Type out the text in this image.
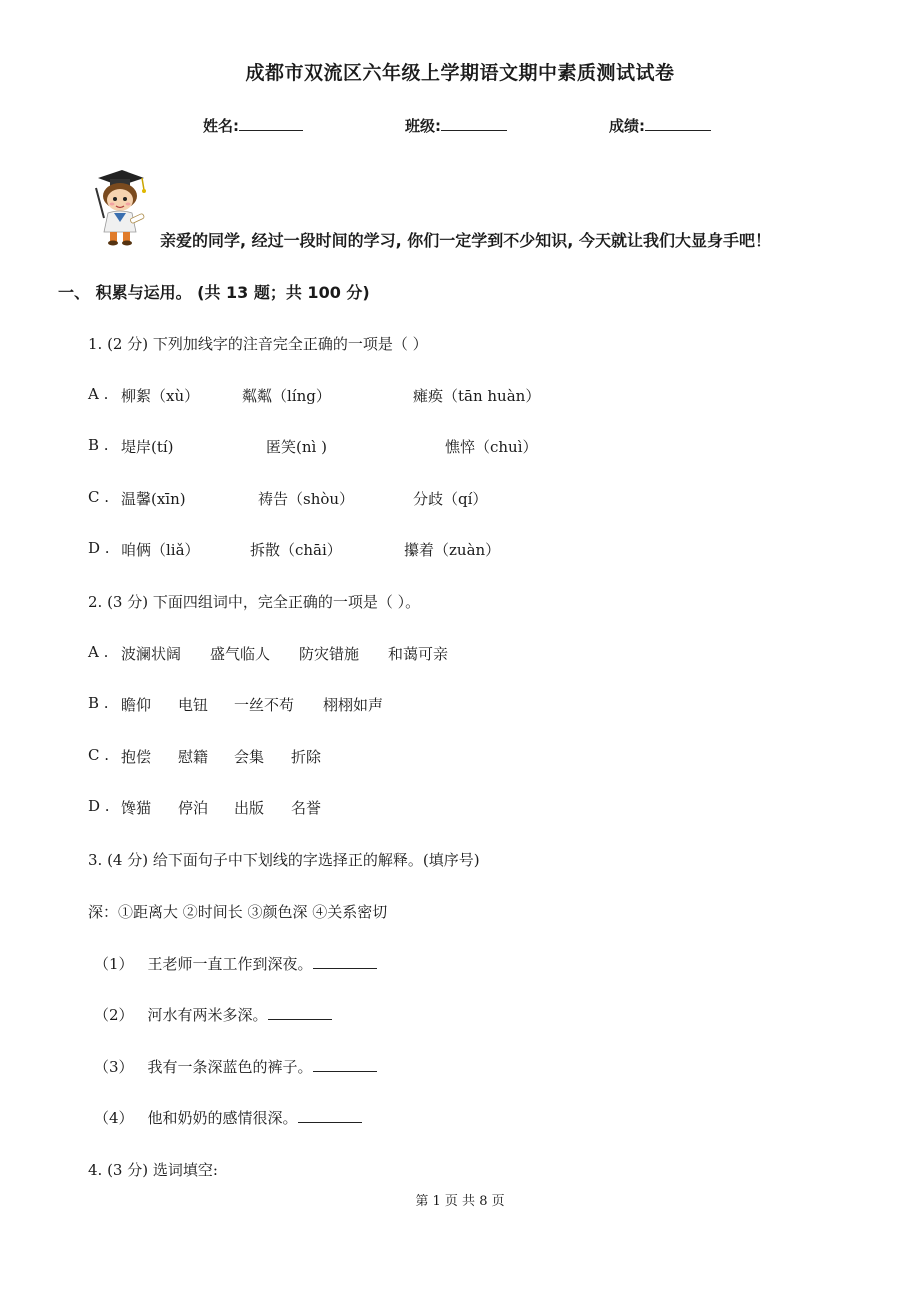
成都市双流区六年级上学期语文期中素质测试试卷
姓名:	班级:	成绩:
亲爱的同学, 经过一段时间的学习, 你们一定学到不少知识, 今天就让我们大显身手吧！
一、 积累与运用。 (共 13 题；共 100 分)
1. (2 分) 下列加线字的注音完全正确的一项是（ ）
A . 柳絮（xù）	粼粼（líng）	瘫痪（tān huàn）
B . 堤岸(tí)	匿笑(nì )	憔悴（chuì）
C . 温馨(xīn)	祷告（shòu）	分歧（qí）
D . 咱俩（liǎ）	拆散（chāi）	攥着（zuàn）
2. (3 分) 下面四组词中，完全正确的一项是（ ）。
A . 波澜状阔 盛气临人 防灾错施 和蔼可亲
B . 瞻仰 电钮 一丝不苟 栩栩如声
C . 抱偿 慰籍 会集 折除
D . 馋猫 停泊 出版 名誉
3. (4 分) 给下面句子中下划线的字选择正的解释。(填序号)
深：①距离大 ②时间长 ③颜色深 ④关系密切
（1） 王老师一直工作到深夜。
（2） 河水有两米多深。
（3） 我有一条深蓝色的裤子。
（4） 他和奶奶的感情很深。
4. (3 分) 选词填空:
第 1 页 共 8 页
